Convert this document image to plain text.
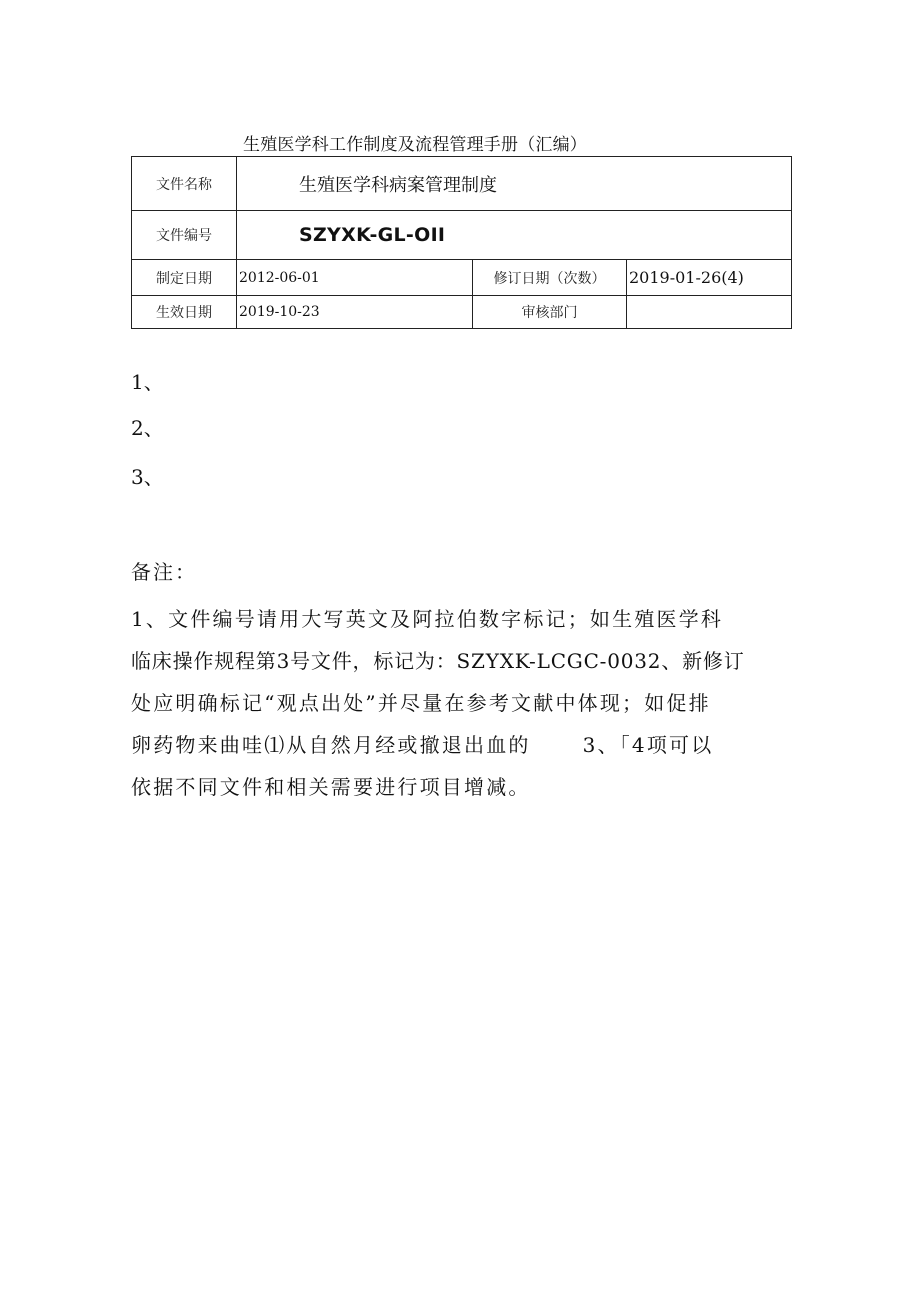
生殖医学科工作制度及流程管理手册（汇编）
文件名称	生殖医学科病案管理制度		
文件编号	SZYXK-GL-OII		
制定日期	2012-06-01	修订日期（次数）	2019-01-26(4)
生效日期	2019-10-23	审核部门	
1、
2、
3、
备注：
1、文件编号请用大写英文及阿拉伯数字标记；如生殖医学科
临床操作规程第3号文件，标记为：SZYXK-LCGC-0032、新修订
处应明确标记“观点出处”并尽量在参考文献中体现；如促排
卵药物来曲哇⑴从自然月经或撤退出血的	3、「4项可以
依据不同文件和相关需要进行项目增减。
